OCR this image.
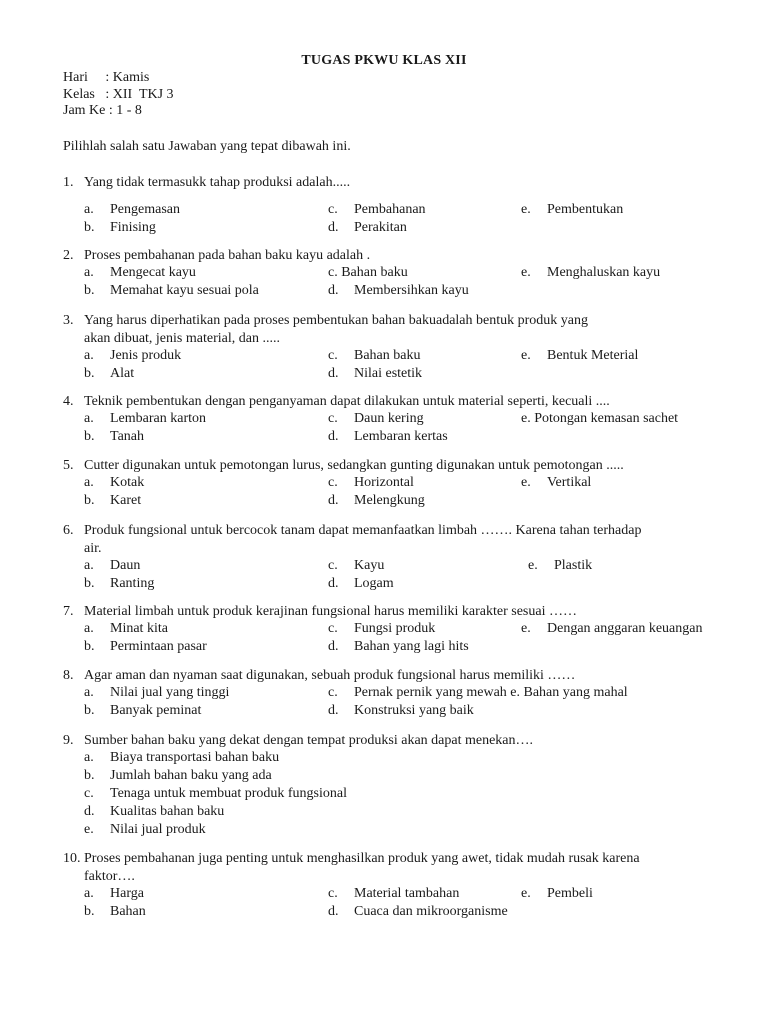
TUGAS PKWU KLAS XII
Hari     : Kamis
Kelas   : XII  TKJ 3
Jam Ke : 1 - 8
Pilihlah salah satu Jawaban yang tepat dibawah ini.
1. Yang tidak termasukk tahap produksi adalah.....
a. Pengemasan	c. Pembahanan	e. Pembentukan
b. Finising	d. Perakitan
2. Proses pembahanan pada bahan baku kayu adalah .
a. Mengecat kayu	c. Bahan baku	e. Menghaluskan kayu
b. Memahat kayu sesuai pola	d. Membersihkan kayu
3. Yang harus diperhatikan pada proses pembentukan bahan bakuadalah bentuk produk yang
akan dibuat, jenis material, dan .....
a. Jenis produk	c. Bahan baku	e. Bentuk Meterial
b. Alat	d. Nilai estetik
4. Teknik pembentukan dengan penganyaman dapat dilakukan untuk material seperti, kecuali ....
a. Lembaran karton	c. Daun kering	e. Potongan kemasan sachet
b. Tanah	d. Lembaran kertas
5. Cutter digunakan untuk pemotongan lurus, sedangkan gunting digunakan untuk pemotongan .....
a. Kotak	c. Horizontal	e. Vertikal
b. Karet	d. Melengkung
6. Produk fungsional untuk bercocok tanam dapat memanfaatkan limbah ……. Karena tahan terhadap
air.
a. Daun	c. Kayu	e. Plastik
b. Ranting	d. Logam
7. Material limbah untuk produk kerajinan fungsional harus memiliki karakter sesuai ……
a. Minat kita	c. Fungsi produk	e. Dengan anggaran keuangan
b. Permintaan pasar	d. Bahan yang lagi hits
8. Agar aman dan nyaman saat digunakan, sebuah produk fungsional harus memiliki ……
a. Nilai jual yang tinggi	c. Pernak pernik yang mewah e. Bahan yang mahal
b. Banyak peminat	d. Konstruksi yang baik
9. Sumber bahan baku yang dekat dengan tempat produksi akan dapat menekan….
a. Biaya transportasi bahan baku
b. Jumlah bahan baku yang ada
c. Tenaga untuk membuat produk fungsional
d. Kualitas bahan baku
e. Nilai jual produk
10. Proses pembahanan juga penting untuk menghasilkan produk yang awet, tidak mudah rusak karena
faktor….
a. Harga	c. Material tambahan	e. Pembeli
b. Bahan	d. Cuaca dan mikroorganisme
